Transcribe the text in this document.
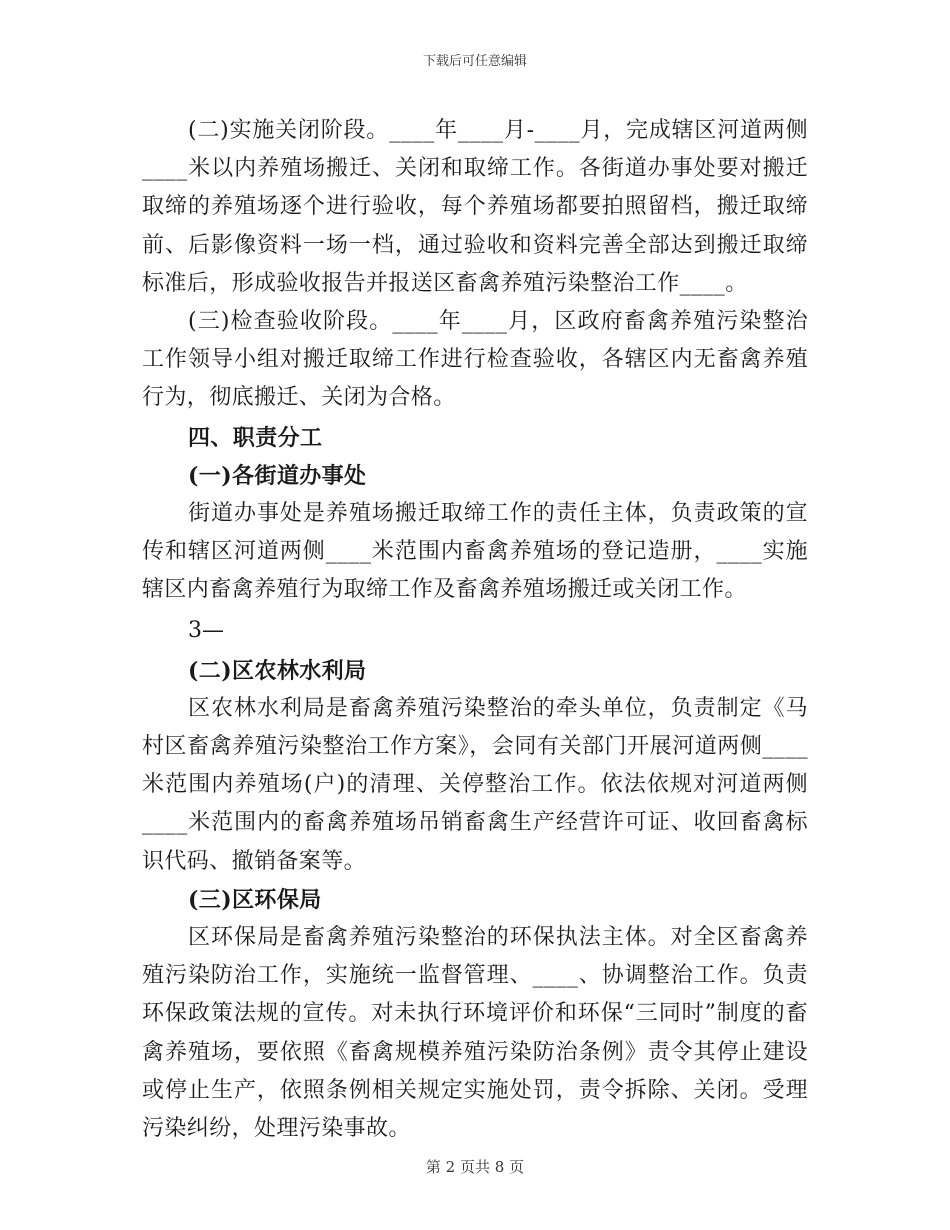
下载后可任意编辑

(二)实施关闭阶段。____年____月-____月，完成辖区河道两侧____米以内养殖场搬迁、关闭和取缔工作。各街道办事处要对搬迁取缔的养殖场逐个进行验收，每个养殖场都要拍照留档，搬迁取缔前、后影像资料一场一档，通过验收和资料完善全部达到搬迁取缔标准后，形成验收报告并报送区畜禽养殖污染整治工作____。

(三)检查验收阶段。____年____月，区政府畜禽养殖污染整治工作领导小组对搬迁取缔工作进行检查验收，各辖区内无畜禽养殖行为，彻底搬迁、关闭为合格。

四、职责分工

(一)各街道办事处

街道办事处是养殖场搬迁取缔工作的责任主体，负责政策的宣传和辖区河道两侧____米范围内畜禽养殖场的登记造册，____实施辖区内畜禽养殖行为取缔工作及畜禽养殖场搬迁或关闭工作。

3—

(二)区农林水利局

区农林水利局是畜禽养殖污染整治的牵头单位，负责制定《马村区畜禽养殖污染整治工作方案》，会同有关部门开展河道两侧____米范围内养殖场(户)的清理、关停整治工作。依法依规对河道两侧____米范围内的畜禽养殖场吊销畜禽生产经营许可证、收回畜禽标识代码、撤销备案等。

(三)区环保局

区环保局是畜禽养殖污染整治的环保执法主体。对全区畜禽养殖污染防治工作，实施统一监督管理、____、协调整治工作。负责环保政策法规的宣传。对未执行环境评价和环保“三同时”制度的畜禽养殖场，要依照《畜禽规模养殖污染防治条例》责令其停止建设或停止生产，依照条例相关规定实施处罚，责令拆除、关闭。受理污染纠纷，处理污染事故。

第 2 页共 8 页
